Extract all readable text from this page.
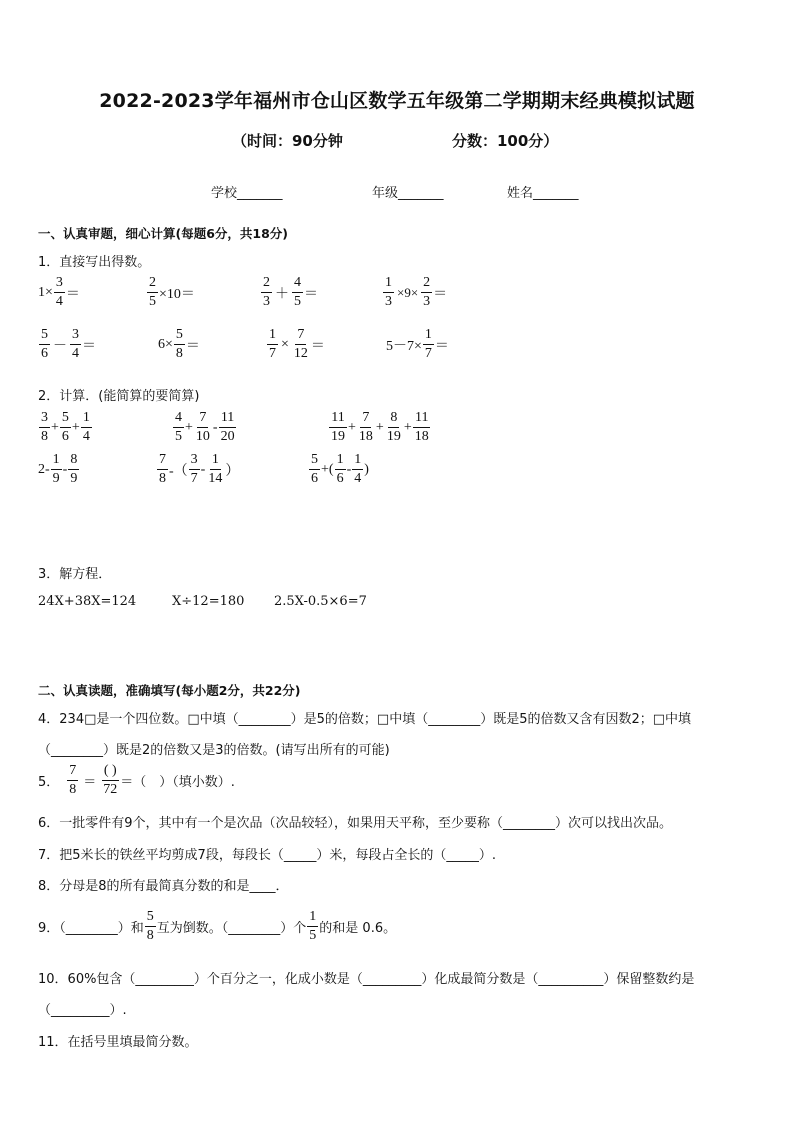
2022-2023学年福州市仓山区数学五年级第二学期期末经典模拟试题
（时间：90分钟	分数：100分）
学校_______	年级_______	姓名_______
一、认真审题，细心计算(每题6分，共18分)
1．直接写出得数。
$1\times \frac{3}{4}$ ＝	$\frac{2}{5} \times 10=$	$\frac{2}{3} + \frac{4}{5}$ ＝	$\frac{1}{3} \times 9\times \frac{2}{3}$ ＝
$\frac{5}{6} - \frac{3}{4}$ ＝	$6\times \frac{5}{8}$ ＝	$\frac{1}{7} \times \frac{7}{12}$ ＝	$5-7\times \frac{1}{7}$ ＝
2．计算．(能简算的要简算)
$\frac{3}{8} + \frac{5}{6} + \frac{1}{4}$	$\frac{4}{5} + \frac{7}{10} - \frac{11}{20}$	$\frac{11}{19} + \frac{7}{18} + \frac{8}{19} + \frac{11}{18}$
$2- \frac{1}{9} - \frac{8}{9}$	$\frac{7}{8}$ -（ $\frac{3}{7} - \frac{1}{14}$ ）	$\frac{5}{6}$ +( $\frac{1}{6} - \frac{1}{4}$ )
3．解方程．
24X+38X=124	X÷12=180 2.5X-0.5×6=7
二、认真读题，准确填写(每小题2分，共22分)
4．234□是一个四位数。□中填（________）是5的倍数；□中填（________）既是5的倍数又含有因数2；□中填
（________）既是2的倍数又是3的倍数。(请写出所有的可能)
5． $\frac{7}{8} = \frac{( )}{72}$ ＝（　）（填小数）.
6．一批零件有9个，其中有一个是次品（次品较轻），如果用天平称，至少要称（________）次可以找出次品。
7．把5米长的铁丝平均剪成7段，每段长（_____）米，每段占全长的（_____）.
8．分母是8的所有最简真分数的和是____．
9．（________）和 $\frac{5}{8}$ 互为倒数。（________）个 $\frac{1}{5}$ 的和是 0.6。
10．60%包含（_________）个百分之一，化成小数是（_________）化成最简分数是（__________）保留整数约是
（_________）.
11．在括号里填最简分数。
